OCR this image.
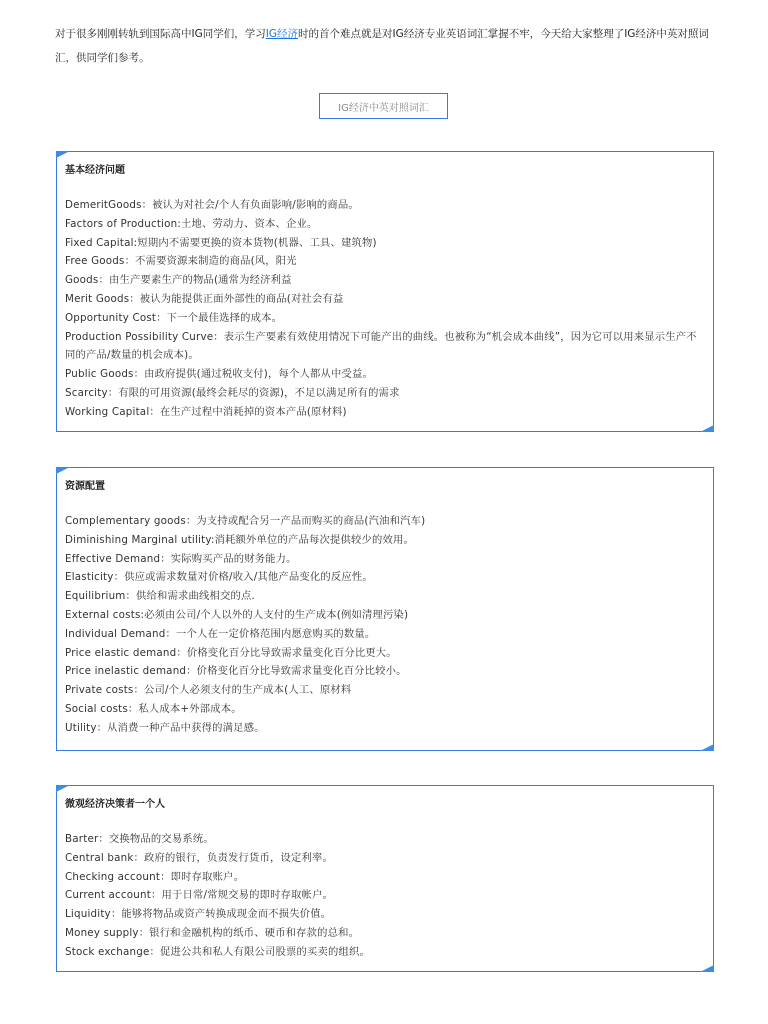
对于很多刚刚转轨到国际高中IG同学们，学习IG经济时的首个难点就是对IG经济专业英语词汇掌握不牢，今天给大家整理了IG经济中英对照词汇，供同学们参考。
IG经济中英对照词汇
基本经济问题
DemeritGoods：被认为对社会/个人有负面影响/影响的商品。
Factors of Production:土地、劳动力、资本、企业。
Fixed Capital:短期内不需要更换的资本货物(机器、工具、建筑物)
Free Goods：不需要资源来制造的商品(风，阳光
Goods：由生产要素生产的物品(通常为经济利益
Merit Goods：被认为能提供正面外部性的商品(对社会有益
Opportunity Cost：下一个最佳选择的成本。
Production Possibility Curve：表示生产要素有效使用情况下可能产出的曲线。也被称为“机会成本曲线”，因为它可以用来显示生产不同的产品/数量的机会成本)。
Public Goods：由政府提供(通过税收支付)，每个人都从中受益。
Scarcity：有限的可用资源(最终会耗尽的资源)，不足以满足所有的需求
Working Capital：在生产过程中消耗掉的资本产品(原材料)
资源配置
Complementary goods：为支持或配合另一产品而购买的商品(汽油和汽车)
Diminishing Marginal utility:消耗额外单位的产品每次提供较少的效用。
Effective Demand：实际购买产品的财务能力。
Elasticity：供应或需求数量对价格/收入/其他产品变化的反应性。
Equilibrium：供给和需求曲线相交的点.
External costs:必须由公司/个人以外的人支付的生产成本(例如清理污染)
Individual Demand：一个人在一定价格范围内愿意购买的数量。
Price elastic demand：价格变化百分比导致需求量变化百分比更大。
Price inelastic demand：价格变化百分比导致需求量变化百分比较小。
Private costs：公司/个人必须支付的生产成本(人工、原材料
Social costs：私人成本+外部成本。
Utility：从消费一种产品中获得的满足感。
微观经济决策者一个人
Barter：交换物品的交易系统。
Central bank：政府的银行，负责发行货币，设定利率。
Checking account：即时存取账户。
Current account：用于日常/常规交易的即时存取帐户。
Liquidity：能够将物品或资产转换成现金而不损失价值。
Money supply：银行和金融机构的纸币、硬币和存款的总和。
Stock exchange：促进公共和私人有限公司股票的买卖的组织。
